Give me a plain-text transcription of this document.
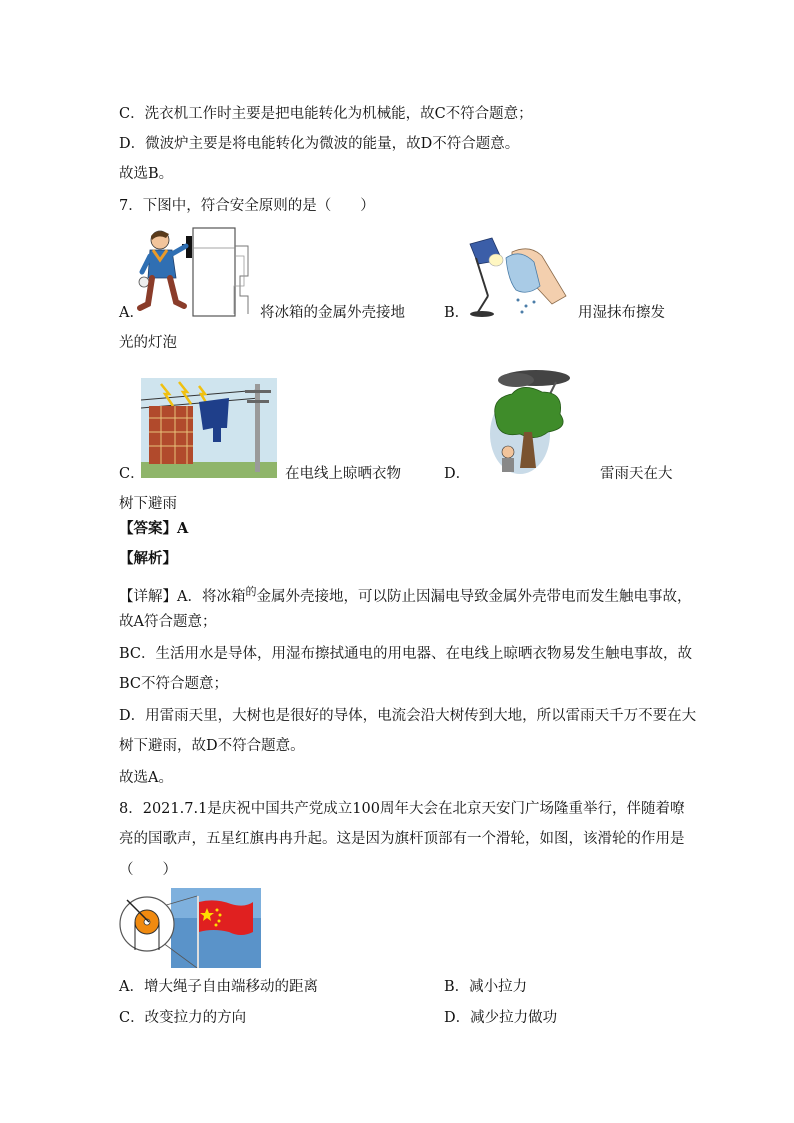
C．洗衣机工作时主要是把电能转化为机械能，故C不符合题意；
D．微波炉主要是将电能转化为微波的能量，故D不符合题意。
故选B。
7．下图中，符合安全原则的是（　　）
A．	将冰箱的金属外壳接地
光的灯泡
B．	用湿抹布擦发
C．	在电线上晾晒衣物
树下避雨
D．	雷雨天在大
【答案】A
【解析】
【详解】A．将冰箱$^的$金属外壳接地，可以防止因漏电导致金属外壳带电而发生触电事故，
故A符合题意；
BC．生活用水是导体，用湿布擦拭通电的用电器、在电线上晾晒衣物易发生触电事故，故
BC不符合题意；
D．用雷雨天里，大树也是很好的导体，电流会沿大树传到大地，所以雷雨天千万不要在大
树下避雨，故D不符合题意。
故选A。
8．2021.7.1是庆祝中国共产党成立100周年大会在北京天安门广场隆重举行，伴随着嘹
亮的国歌声，五星红旗冉冉升起。这是因为旗杆顶部有一个滑轮，如图，该滑轮的作用是
（　　）
A．增大绳子自由端移动的距离	B．减小拉力
C．改变拉力的方向	D．减少拉力做功
